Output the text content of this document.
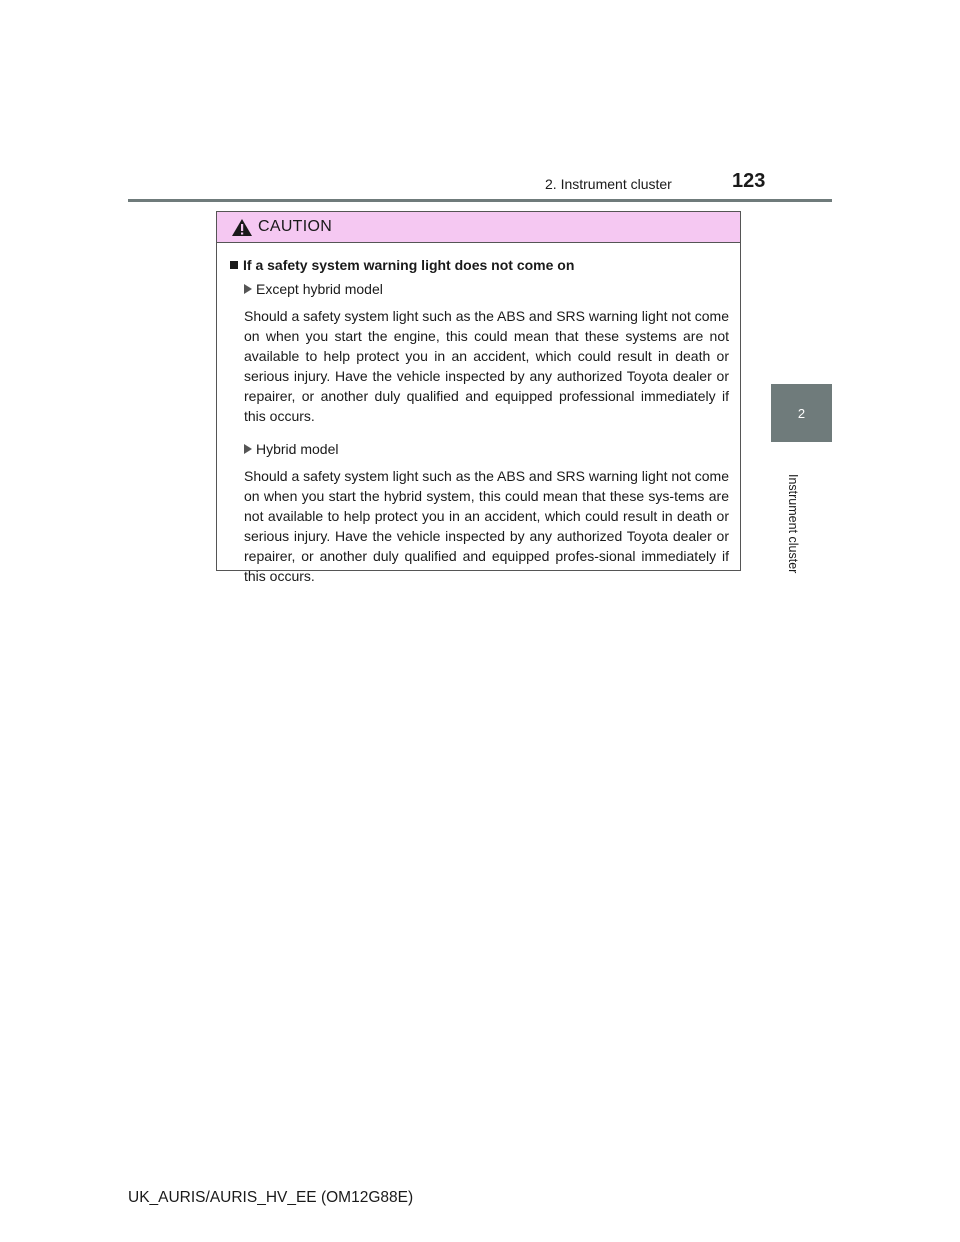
2. Instrument cluster	123
2
Instrument cluster
CAUTION
If a safety system warning light does not come on
Except hybrid model
Should a safety system light such as the ABS and SRS warning light not come on when you start the engine, this could mean that these systems are not available to help protect you in an accident, which could result in death or serious injury. Have the vehicle inspected by any authorized Toyota dealer or repairer, or another duly qualified and equipped professional immediately if this occurs.
Hybrid model
Should a safety system light such as the ABS and SRS warning light not come on when you start the hybrid system, this could mean that these sys-tems are not available to help protect you in an accident, which could result in death or serious injury. Have the vehicle inspected by any authorized Toyota dealer or repairer, or another duly qualified and equipped profes-sional immediately if this occurs.
UK_AURIS/AURIS_HV_EE (OM12G88E)
